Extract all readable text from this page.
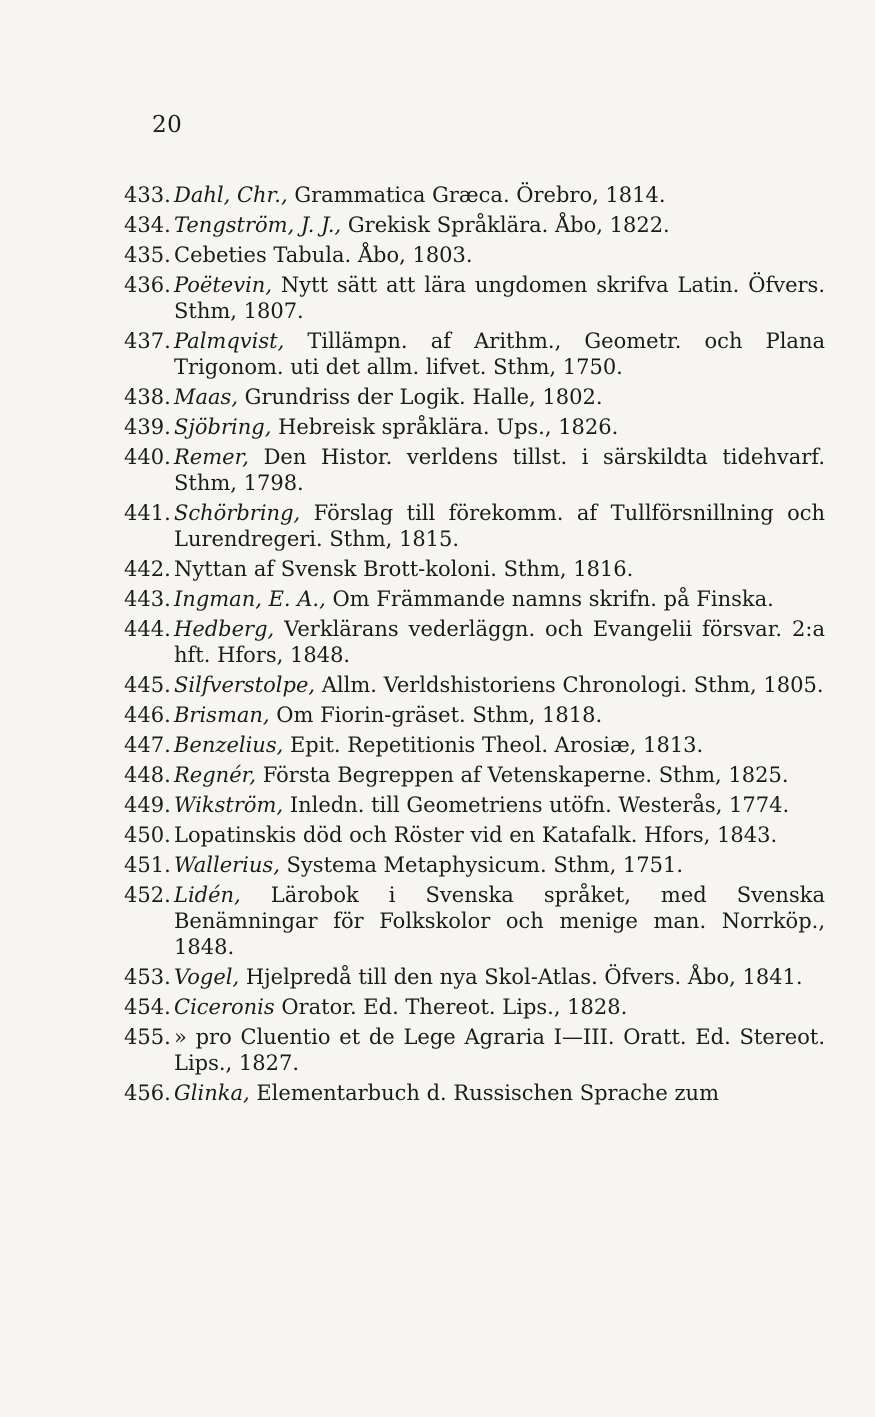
20
433. Dahl, Chr., Grammatica Græca. Örebro, 1814.
434. Tengström, J. J., Grekisk Språklära. Åbo, 1822.
435. Cebeties Tabula. Åbo, 1803.
436. Poëtevin, Nytt sätt att lära ungdomen skrifva Latin. Öfvers. Sthm, 1807.
437. Palmqvist, Tillämpn. af Arithm., Geometr. och Plana Trigonom. uti det allm. lifvet. Sthm, 1750.
438. Maas, Grundriss der Logik. Halle, 1802.
439. Sjöbring, Hebreisk språklära. Ups., 1826.
440. Remer, Den Histor. verldens tillst. i särskildta tidehvarf. Sthm, 1798.
441. Schörbring, Förslag till förekomm. af Tullförsnillning och Lurendregeri. Sthm, 1815.
442. Nyttan af Svensk Brott-koloni. Sthm, 1816.
443. Ingman, E. A., Om Främmande namns skrifn. på Finska.
444. Hedberg, Verklärans vederläggn. och Evangelii försvar. 2:a hft. Hfors, 1848.
445. Silfverstolpe, Allm. Verldshistoriens Chronologi. Sthm, 1805.
446. Brisman, Om Fiorin-gräset. Sthm, 1818.
447. Benzelius, Epit. Repetitionis Theol. Arosiæ, 1813.
448. Regnér, Första Begreppen af Vetenskaperne. Sthm, 1825.
449. Wikström, Inledn. till Geometriens utöfn. Westerås, 1774.
450. Lopatinskis död och Röster vid en Katafalk. Hfors, 1843.
451. Wallerius, Systema Metaphysicum. Sthm, 1751.
452. Lidén, Lärobok i Svenska språket, med Svenska Benämningar för Folkskolor och menige man. Norrköp., 1848.
453. Vogel, Hjelpredå till den nya Skol-Atlas. Öfvers. Åbo, 1841.
454. Ciceronis Orator. Ed. Thereot. Lips., 1828.
455. » pro Cluentio et de Lege Agraria I—III. Oratt. Ed. Stereot. Lips., 1827.
456. Glinka, Elementarbuch d. Russischen Sprache zum
